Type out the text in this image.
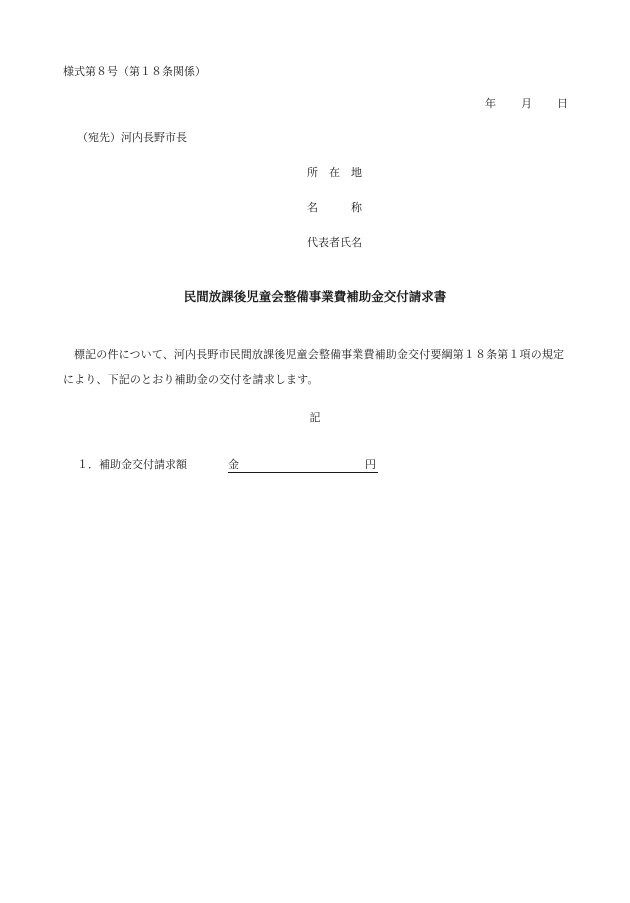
様式第８号（第１８条関係）
年 月 日
（宛先）河内長野市長
所　在　地
名　　　称
代表者氏名
民間放課後児童会整備事業費補助金交付請求書
標記の件について、河内長野市民間放課後児童会整備事業費補助金交付要綱第１８条第１項の規定により、下記のとおり補助金の交付を請求します。
記
１．補助金交付請求額	金	円
